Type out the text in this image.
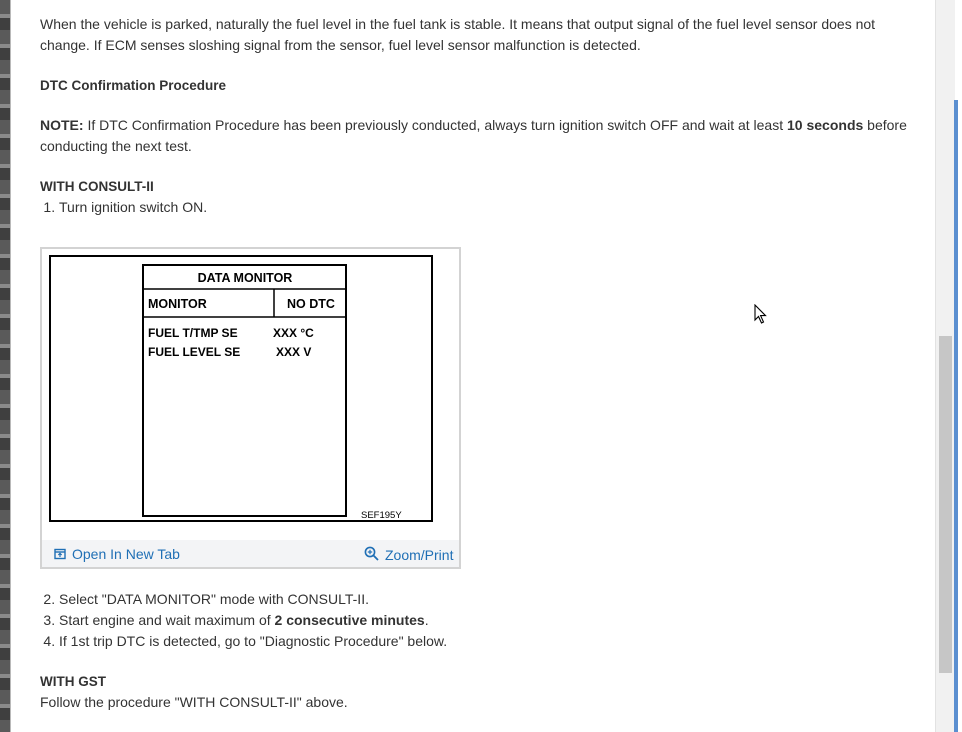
When the vehicle is parked, naturally the fuel level in the fuel tank is stable. It means that output signal of the fuel level sensor does not
change. If ECM senses sloshing signal from the sensor, fuel level sensor malfunction is detected.

DTC Confirmation Procedure

NOTE: If DTC Confirmation Procedure has been previously conducted, always turn ignition switch OFF and wait at least 10 seconds before
conducting the next test.

WITH CONSULT-II

1. Turn ignition switch ON.
DATA MONITOR
MONITOR	NO DTC
FUEL T/TMP SE	XXX °C
FUEL LEVEL SE	XXX V
SEF195Y
Open In New Tab	Zoom/Print
2. Select "DATA MONITOR" mode with CONSULT-II.
3. Start engine and wait maximum of 2 consecutive minutes.
4. If 1st trip DTC is detected, go to "Diagnostic Procedure" below.

WITH GST

Follow the procedure "WITH CONSULT-II" above.
